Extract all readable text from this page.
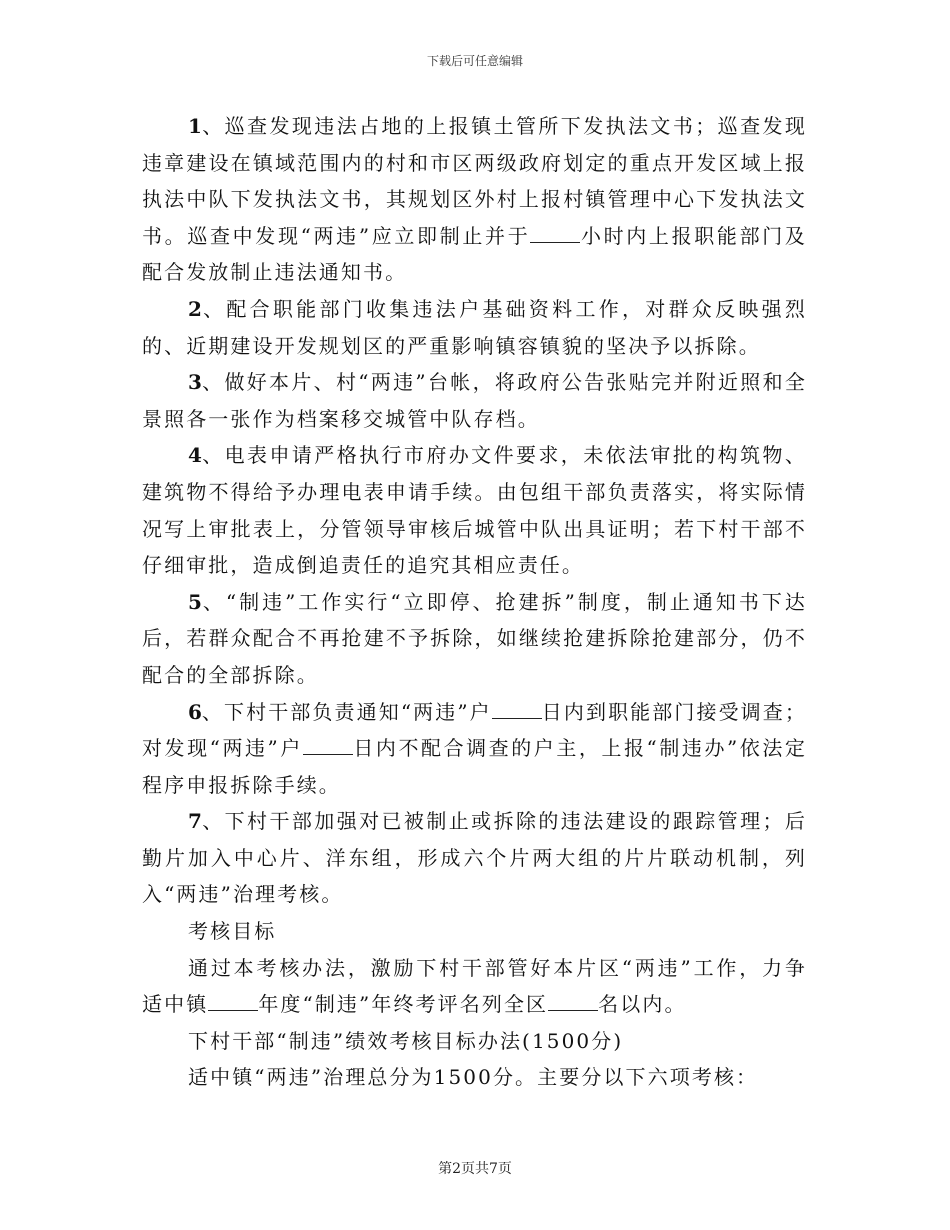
下载后可任意编辑

1、巡查发现违法占地的上报镇土管所下发执法文书；巡查发现违章建设在镇域范围内的村和市区两级政府划定的重点开发区域上报执法中队下发执法文书，其规划区外村上报村镇管理中心下发执法文书。巡查中发现“两违”应立即制止并于	小时内上报职能部门及配合发放制止违法通知书。

2、配合职能部门收集违法户基础资料工作，对群众反映强烈的、近期建设开发规划区的严重影响镇容镇貌的坚决予以拆除。

3、做好本片、村“两违”台帐，将政府公告张贴完并附近照和全景照各一张作为档案移交城管中队存档。

4、电表申请严格执行市府办文件要求，未依法审批的构筑物、建筑物不得给予办理电表申请手续。由包组干部负责落实，将实际情况写上审批表上，分管领导审核后城管中队出具证明；若下村干部不仔细审批，造成倒追责任的追究其相应责任。

5、“制违”工作实行“立即停、抢建拆”制度，制止通知书下达后，若群众配合不再抢建不予拆除，如继续抢建拆除抢建部分，仍不配合的全部拆除。

6、下村干部负责通知“两违”户	日内到职能部门接受调查；对发现“两违”户	日内不配合调查的户主，上报“制违办”依法定程序申报拆除手续。

7、下村干部加强对已被制止或拆除的违法建设的跟踪管理；后勤片加入中心片、洋东组，形成六个片两大组的片片联动机制，列入“两违”治理考核。

考核目标

通过本考核办法，激励下村干部管好本片区“两违”工作，力争适中镇	年度“制违”年终考评名列全区	名以内。

下村干部“制违”绩效考核目标办法(1500分)

适中镇“两违”治理总分为1500分。主要分以下六项考核：

第2页共7页
